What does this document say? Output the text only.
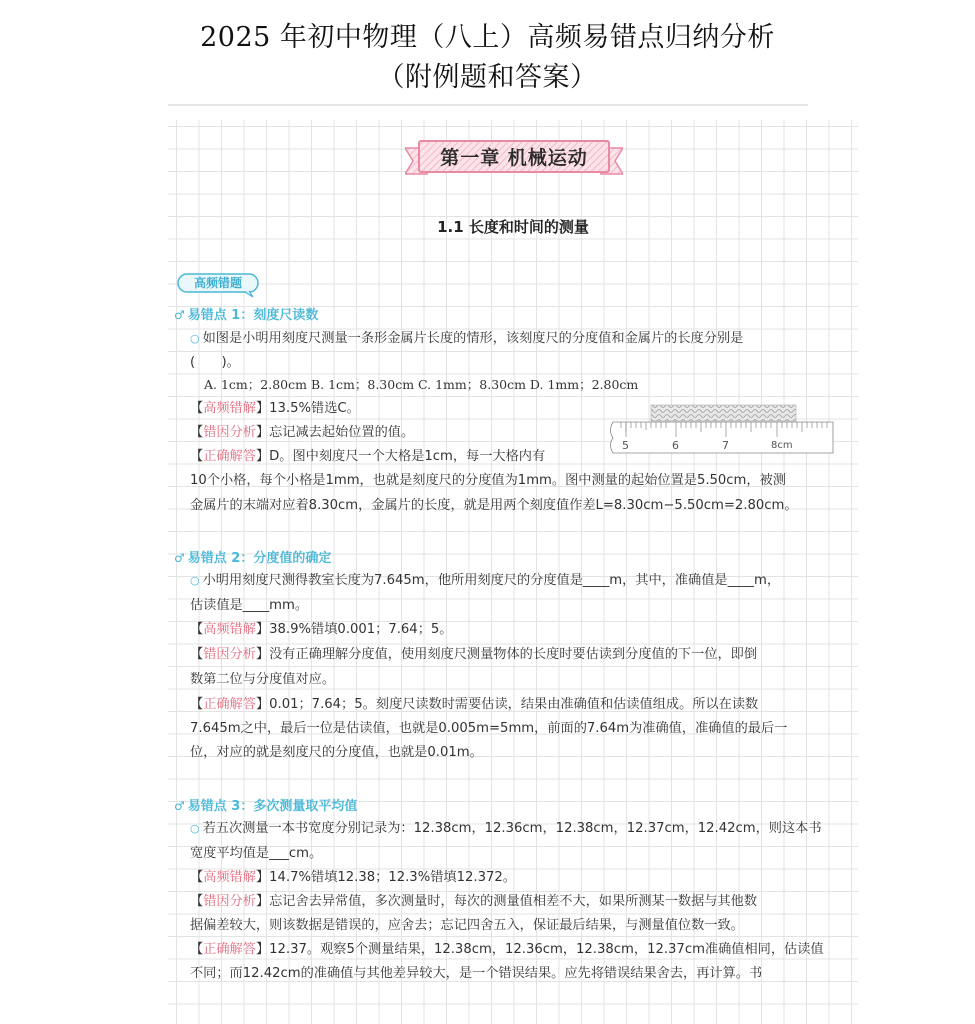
2025 年初中物理（八上）高频易错点归纳分析
（附例题和答案）
第一章 机械运动
1.1 长度和时间的测量
高频错题
♂ 易错点 1：刻度尺读数
○ 如图是小明用刻度尺测量一条形金属片长度的情形，该刻度尺的分度值和金属片的长度分别是
(　　)。
A. 1cm；2.80cm B. 1cm；8.30cm C. 1mm；8.30cm D. 1mm；2.80cm
【高频错解】13.5%错选C。
【错因分析】忘记减去起始位置的值。
【正确解答】D。图中刻度尺一个大格是1cm，每一大格内有
10个小格，每个小格是1mm，也就是刻度尺的分度值为1mm。图中测量的起始位置是5.50cm，被测
金属片的末端对应着8.30cm，金属片的长度，就是用两个刻度值作差L=8.30cm−5.50cm=2.80cm。
5	6	7	8cm
♂ 易错点 2：分度值的确定
○ 小明用刻度尺测得教室长度为7.645m，他所用刻度尺的分度值是____m，其中，准确值是____m，
估读值是____mm。
【高频错解】38.9%错填0.001；7.64；5。
【错因分析】没有正确理解分度值，使用刻度尺测量物体的长度时要估读到分度值的下一位，即倒
数第二位与分度值对应。
【正确解答】0.01；7.64；5。刻度尺读数时需要估读，结果由准确值和估读值组成。所以在读数
7.645m之中，最后一位是估读值，也就是0.005m=5mm，前面的7.64m为准确值，准确值的最后一
位，对应的就是刻度尺的分度值，也就是0.01m。
♂ 易错点 3：多次测量取平均值
○ 若五次测量一本书宽度分别记录为：12.38cm，12.36cm，12.38cm，12.37cm，12.42cm，则这本书
宽度平均值是___cm。
【高频错解】14.7%错填12.38；12.3%错填12.372。
【错因分析】忘记舍去异常值，多次测量时，每次的测量值相差不大，如果所测某一数据与其他数
据偏差较大，则该数据是错误的，应舍去；忘记四舍五入，保证最后结果，与测量值位数一致。
【正确解答】12.37。观察5个测量结果，12.38cm，12.36cm，12.38cm，12.37cm准确值相同，估读值
不同；而12.42cm的准确值与其他差异较大，是一个错误结果。应先将错误结果舍去，再计算。书
